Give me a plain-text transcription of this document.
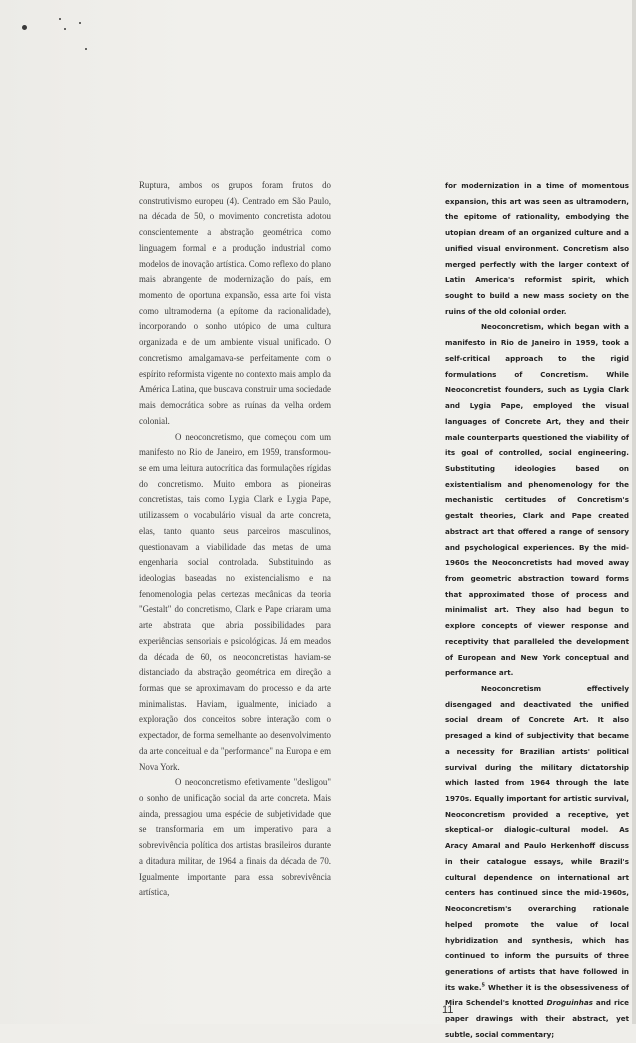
Ruptura, ambos os grupos foram frutos do construtivismo europeu (4). Centrado em São Paulo, na década de 50, o movimento concretista adotou conscientemente a abstração geométrica como linguagem formal e a produção industrial como modelos de inovação artística. Como reflexo do plano mais abrangente de modernização do país, em momento de oportuna expansão, essa arte foi vista como ultramoderna (a epítome da racionalidade), incorporando o sonho utópico de uma cultura organizada e de um ambiente visual unificado. O concretismo amalgamava-se perfeitamente com o espírito reformista vigente no contexto mais amplo da América Latina, que buscava construir uma sociedade mais democrática sobre as ruínas da velha ordem colonial.

O neoconcretismo, que começou com um manifesto no Rio de Janeiro, em 1959, transformou-se em uma leitura autocrítica das formulações rígidas do concretismo. Muito embora as pioneiras concretistas, tais como Lygia Clark e Lygia Pape, utilizassem o vocabulário visual da arte concreta, elas, tanto quanto seus parceiros masculinos, questionavam a viabilidade das metas de uma engenharia social controlada. Substituindo as ideologias baseadas no existencialismo e na fenomenologia pelas certezas mecânicas da teoria "Gestalt" do concretismo, Clark e Pape criaram uma arte abstrata que abria possibilidades para experiências sensoriais e psicológicas. Já em meados da década de 60, os neoconcretistas haviam-se distanciado da abstração geométrica em direção a formas que se aproximavam do processo e da arte minimalistas. Haviam, igualmente, iniciado a exploração dos conceitos sobre interação com o expectador, de forma semelhante ao desenvolvimento da arte conceitual e da "performance" na Europa e em Nova York.

O neoconcretismo efetivamente "desligou" o sonho de unificação social da arte concreta. Mais ainda, pressagiou uma espécie de subjetividade que se transformaria em um imperativo para a sobrevivência política dos artistas brasileiros durante a ditadura militar, de 1964 a finais da década de 70. Igualmente importante para essa sobrevivência artística,

for modernization in a time of momentous expansion, this art was seen as ultramodern, the epitome of rationality, embodying the utopian dream of an organized culture and a unified visual environment. Concretism also merged perfectly with the larger context of Latin America's reformist spirit, which sought to build a new mass society on the ruins of the old colonial order.

Neoconcretism, which began with a manifesto in Rio de Janeiro in 1959, took a self-critical approach to the rigid formulations of Concretism. While Neoconcretist founders, such as Lygia Clark and Lygia Pape, employed the visual languages of Concrete Art, they and their male counterparts questioned the viability of its goal of controlled, social engineering. Substituting ideologies based on existentialism and phenomenology for the mechanistic certitudes of Concretism's gestalt theories, Clark and Pape created abstract art that offered a range of sensory and psychological experiences. By the mid-1960s the Neoconcretists had moved away from geometric abstraction toward forms that approximated those of process and minimalist art. They also had begun to explore concepts of viewer response and receptivity that paralleled the development of European and New York conceptual and performance art.

Neoconcretism effectively disengaged and deactivated the unified social dream of Concrete Art. It also presaged a kind of subjectivity that became a necessity for Brazilian artists' political survival during the military dictatorship which lasted from 1964 through the late 1970s. Equally important for artistic survival, Neoconcretism provided a receptive, yet skeptical–or dialogic–cultural model. As Aracy Amaral and Paulo Herkenhoff discuss in their catalogue essays, while Brazil's cultural dependence on international art centers has continued since the mid-1960s, Neoconcretism's overarching rationale helped promote the value of local hybridization and synthesis, which has continued to inform the pursuits of three generations of artists that have followed in its wake.$^5$ Whether it is the obsessiveness of Mira Schendel's knotted Droguinhas and rice paper drawings with their abstract, yet subtle, social commentary;

11
